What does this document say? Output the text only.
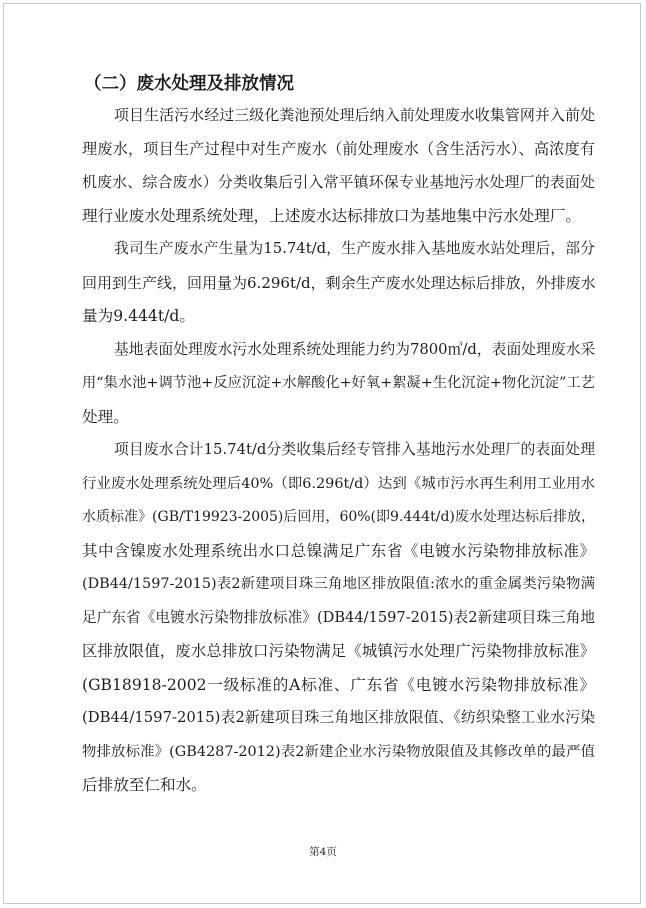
（二）废水处理及排放情况
项目生活污水经过三级化粪池预处理后纳入前处理废水收集管网并入前处
理废水，项目生产过程中对生产废水（前处理废水（含生活污水）、高浓度有
机废水、综合废水）分类收集后引入常平镇环保专业基地污水处理厂的表面处
理行业废水处理系统处理，上述废水达标排放口为基地集中污水处理厂。
我司生产废水产生量为15.74t/d，生产废水排入基地废水站处理后，部分
回用到生产线，回用量为6.296t/d，剩余生产废水处理达标后排放，外排废水
量为9.444t/d。
基地表面处理废水污水处理系统处理能力约为7800㎥/d，表面处理废水采
用“集水池+调节池+反应沉淀+水解酸化+好氧+絮凝+生化沉淀+物化沉淀”工艺
处理。
项目废水合计15.74t/d分类收集后经专管排入基地污水处理厂的表面处理
行业废水处理系统处理后40%（即6.296t/d）达到《城市污水再生利用工业用水
水质标准》(GB/T19923-2005)后回用，60%(即9.444t/d)废水处理达标后排放，
其中含镍废水处理系统出水口总镍满足广东省《电镀水污染物排放标准》
(DB44/1597-2015)表2新建项目珠三角地区排放限值:浓水的重金属类污染物满
足广东省《电镀水污染物排放标准》(DB44/1597-2015)表2新建项目珠三角地
区排放限值，废水总排放口污染物满足《城镇污水处理广污染物排放标准》
(GB18918-2002一级标准的A标准、广东省《电镀水污染物排放标准》
(DB44/1597-2015)表2新建项目珠三角地区排放限值、《纺织染整工业水污染
物排放标准》(GB4287-2012)表2新建企业水污染物放限值及其修改单的最严值
后排放至仁和水。
第4页
